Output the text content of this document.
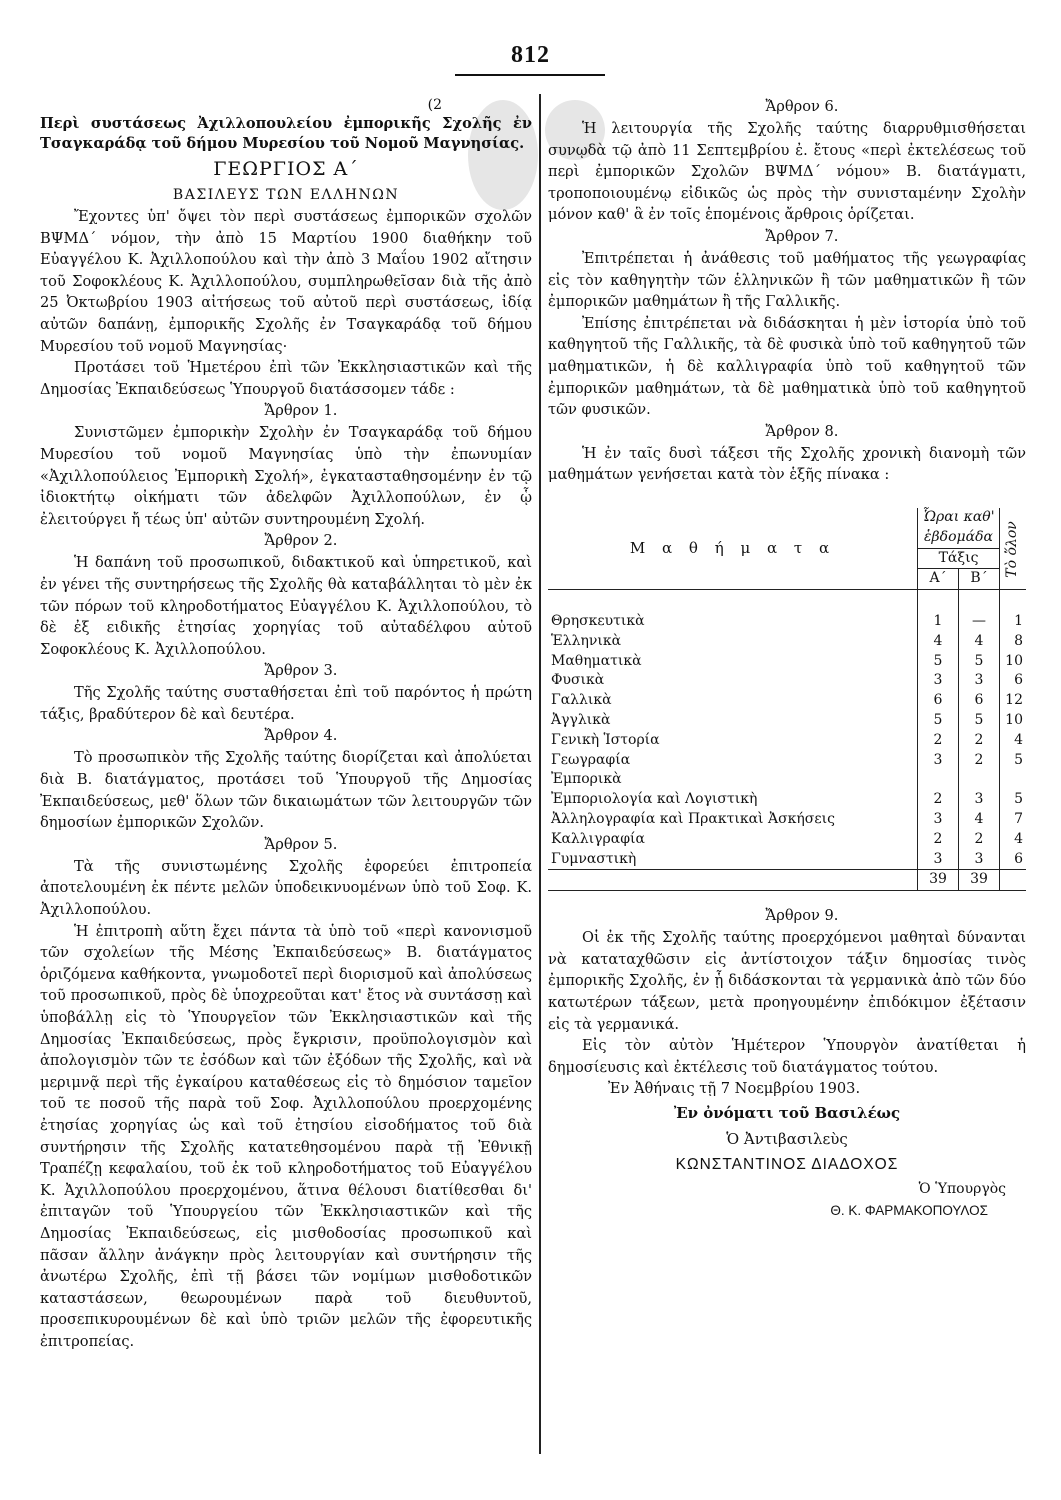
812

(2

Περὶ συστάσεως Ἀχιλλοπουλείου ἐμπορικῆς Σχολῆς ἐν Τσαγκαράδᾳ τοῦ δήμου Μυρεσίου τοῦ Νομοῦ Μαγνησίας.

ΓΕΩΡΓΙΟΣ Α΄

ΒΑΣΙΛΕΥΣ ΤΩΝ ΕΛΛΗΝΩΝ

Ἔχοντες ὑπ' ὄψει τὸν περὶ συστάσεως ἐμπορικῶν σχολῶν ΒΨΜΔ΄ νόμον, τὴν ἀπὸ 15 Μαρτίου 1900 διαθήκην τοῦ Εὐαγγέλου Κ. Ἀχιλλοπούλου καὶ τὴν ἀπὸ 3 Μαΐου 1902 αἴτησιν τοῦ Σοφοκλέους Κ. Ἀχιλλοπούλου, συμπληρωθεῖσαν διὰ τῆς ἀπὸ 25 Ὀκτωβρίου 1903 αἰτήσεως τοῦ αὐτοῦ περὶ συστάσεως, ἰδίᾳ αὐτῶν δαπάνῃ, ἐμπορικῆς Σχολῆς ἐν Τσαγκαράδᾳ τοῦ δήμου Μυρεσίου τοῦ νομοῦ Μαγνησίας·

Προτάσει τοῦ Ἡμετέρου ἐπὶ τῶν Ἐκκλησιαστικῶν καὶ τῆς Δημοσίας Ἐκπαιδεύσεως Ὑπουργοῦ διατάσσομεν τάδε :

Ἄρθρον 1.

Συνιστῶμεν ἐμπορικὴν Σχολὴν ἐν Τσαγκαράδᾳ τοῦ δήμου Μυρεσίου τοῦ νομοῦ Μαγνησίας ὑπὸ τὴν ἐπωνυμίαν «Ἀχιλλοπούλειος Ἐμπορικὴ Σχολή», ἐγκατασταθησομένην ἐν τῷ ἰδιοκτήτῳ οἰκήματι τῶν ἀδελφῶν Ἀχιλλοπούλων, ἐν ᾧ ἐλειτούργει ἤ τέως ὑπ' αὐτῶν συντηρουμένη Σχολή.

Ἄρθρον 2.

Ἡ δαπάνη τοῦ προσωπικοῦ, διδακτικοῦ καὶ ὑπηρετικοῦ, καὶ ἐν γένει τῆς συντηρήσεως τῆς Σχολῆς θὰ καταβάλληται τὸ μὲν ἐκ τῶν πόρων τοῦ κληροδοτήματος Εὐαγγέλου Κ. Ἀχιλλοπούλου, τὸ δὲ ἐξ ειδικῆς ἐτησίας χορηγίας τοῦ αὐταδέλφου αὐτοῦ Σοφοκλέους Κ. Ἀχιλλοπούλου.

Ἄρθρον 3.

Τῆς Σχολῆς ταύτης συσταθήσεται ἐπὶ τοῦ παρόντος ἡ πρώτη τάξις, βραδύτερον δὲ καὶ δευτέρα.

Ἄρθρον 4.

Τὸ προσωπικὸν τῆς Σχολῆς ταύτης διορίζεται καὶ ἀπολύεται διὰ Β. διατάγματος, προτάσει τοῦ Ὑπουργοῦ τῆς Δημοσίας Ἐκπαιδεύσεως, μεθ' ὅλων τῶν δικαιωμάτων τῶν λειτουργῶν τῶν δημοσίων ἐμπορικῶν Σχολῶν.

Ἄρθρον 5.

Τὰ τῆς συνιστωμένης Σχολῆς ἐφορεύει ἐπιτροπεία ἀποτελουμένη ἐκ πέντε μελῶν ὑποδεικνυομένων ὑπὸ τοῦ Σοφ. Κ. Ἀχιλλοπούλου.

Ἡ ἐπιτροπὴ αὕτη ἔχει πάντα τὰ ὑπὸ τοῦ «περὶ κανονισμοῦ τῶν σχολείων τῆς Μέσης Ἐκπαιδεύσεως» Β. διατάγματος ὁριζόμενα καθήκοντα, γνωμοδοτεῖ περὶ διορισμοῦ καὶ ἀπολύσεως τοῦ προσωπικοῦ, πρὸς δὲ ὑποχρεοῦται κατ' ἔτος νὰ συντάσσῃ καὶ ὑποβάλλῃ εἰς τὸ Ὑπουργεῖον τῶν Ἐκκλησιαστικῶν καὶ τῆς Δημοσίας Ἐκπαιδεύσεως, πρὸς ἔγκρισιν, προϋπολογισμὸν καὶ ἀπολογισμὸν τῶν τε ἐσόδων καὶ τῶν ἐξόδων τῆς Σχολῆς, καὶ νὰ μεριμνᾷ περὶ τῆς ἐγκαίρου καταθέσεως εἰς τὸ δημόσιον ταμεῖον τοῦ τε ποσοῦ τῆς παρὰ τοῦ Σοφ. Ἀχιλλοπούλου προερχομένης ἐτησίας χορηγίας ὡς καὶ τοῦ ἐτησίου εἰσοδήματος τοῦ διὰ συντήρησιν τῆς Σχολῆς κατατεθησομένου παρὰ τῇ Ἐθνικῇ Τραπέζῃ κεφαλαίου, τοῦ ἐκ τοῦ κληροδοτήματος τοῦ Εὐαγγέλου Κ. Ἀχιλλοπούλου προερχομένου, ἅτινα θέλουσι διατίθεσθαι δι' ἐπιταγῶν τοῦ Ὑπουργείου τῶν Ἐκκλησιαστικῶν καὶ τῆς Δημοσίας Ἐκπαιδεύσεως, εἰς μισθοδοσίας προσωπικοῦ καὶ πᾶσαν ἄλλην ἀνάγκην πρὸς λειτουργίαν καὶ συντήρησιν τῆς ἀνωτέρω Σχολῆς, ἐπὶ τῇ βάσει τῶν νομίμων μισθοδοτικῶν καταστάσεων, θεωρουμένων παρὰ τοῦ διευθυντοῦ, προσεπικυρουμένων δὲ καὶ ὑπὸ τριῶν μελῶν τῆς ἐφορευτικῆς ἐπιτροπείας.

Ἄρθρον 6.

Ἡ λειτουργία τῆς Σχολῆς ταύτης διαρρυθμισθήσεται συνῳδὰ τῷ ἀπὸ 11 Σεπτεμβρίου ἐ. ἔτους «περὶ ἐκτελέσεως τοῦ περὶ ἐμπορικῶν Σχολῶν ΒΨΜΔ΄ νόμου» Β. διατάγματι, τροποποιουμένῳ εἰδικῶς ὡς πρὸς τὴν συνισταμένην Σχολὴν μόνον καθ' ἃ ἐν τοῖς ἑπομένοις ἄρθροις ὁρίζεται.

Ἄρθρον 7.

Ἐπιτρέπεται ἡ ἀνάθεσις τοῦ μαθήματος τῆς γεωγραφίας εἰς τὸν καθηγητὴν τῶν ἑλληνικῶν ἢ τῶν μαθηματικῶν ἢ τῶν ἐμπορικῶν μαθημάτων ἢ τῆς Γαλλικῆς.

Ἐπίσης ἐπιτρέπεται νὰ διδάσκηται ἡ μὲν ἱστορία ὑπὸ τοῦ καθηγητοῦ τῆς Γαλλικῆς, τὰ δὲ φυσικὰ ὑπὸ τοῦ καθηγητοῦ τῶν μαθηματικῶν, ἡ δὲ καλλιγραφία ὑπὸ τοῦ καθηγητοῦ τῶν ἐμπορικῶν μαθημάτων, τὰ δὲ μαθηματικὰ ὑπὸ τοῦ καθηγητοῦ τῶν φυσικῶν.

Ἄρθρον 8.

Ἡ ἐν ταῖς δυσὶ τάξεσι τῆς Σχολῆς χρονικὴ διανομὴ τῶν μαθημάτων γενήσεται κατὰ τὸν ἑξῆς πίνακα :

Μ α θ ή μ α τ α	Ὧραι καθ' ἑβδομάδα		Τὸ ὅλον
	Τάξις		
	Α΄	Β΄	
Θρησκευτικὰ	1	—	1
Ἑλληνικὰ	4	4	8
Μαθηματικὰ	5	5	10
Φυσικὰ	3	3	6
Γαλλικὰ	6	6	12
Ἀγγλικὰ	5	5	10
Γενικὴ Ἱστορία	2	2	4
Γεωγραφία	3	2	5
Ἐμπορικὰ			
Ἐμποριολογία καὶ Λογιστικὴ	2	3	5
Ἀλληλογραφία καὶ Πρακτικαὶ Ἀσκήσεις	3	4	7
Καλλιγραφία	2	2	4
Γυμναστικὴ	3	3	6
	39	39	

Ἄρθρον 9.

Οἱ ἐκ τῆς Σχολῆς ταύτης προερχόμενοι μαθηταὶ δύνανται νὰ καταταχθῶσιν εἰς ἀντίστοιχον τάξιν δημοσίας τινὸς ἐμπορικῆς Σχολῆς, ἐν ᾗ διδάσκονται τὰ γερμανικὰ ἀπὸ τῶν δύο κατωτέρων τάξεων, μετὰ προηγουμένην ἐπιδόκιμον ἐξέτασιν εἰς τὰ γερμανικά.

Εἰς τὸν αὐτὸν Ἡμέτερον Ὑπουργὸν ἀνατίθεται ἡ δημοσίευσις καὶ ἐκτέλεσις τοῦ διατάγματος τούτου.

Ἐν Ἀθήναις τῇ 7 Νοεμβρίου 1903.

Ἐν ὀνόματι τοῦ Βασιλέως

Ὁ Ἀντιβασιλεὺς

ΚΩΝΣΤΑΝΤΙΝΟΣ ΔΙΑΔΟΧΟΣ

Ὁ Ὑπουργὸς

Θ. Κ. ΦΑΡΜΑΚΟΠΟΥΛΟΣ
